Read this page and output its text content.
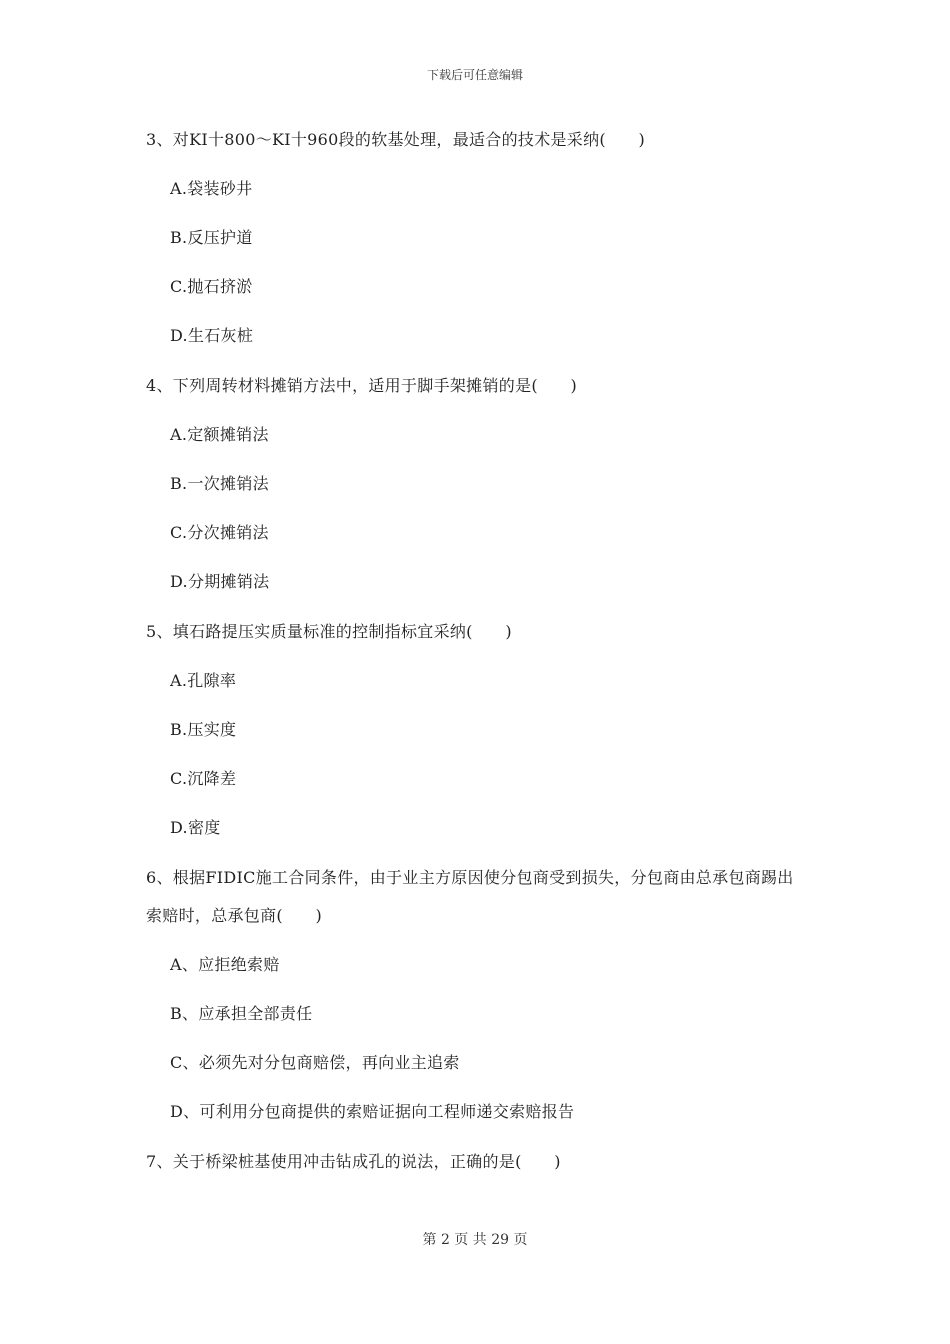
下载后可任意编辑
3、对KI十800～KI十960段的软基处理，最适合的技术是采纳(　　)
A.袋装砂井
B.反压护道
C.抛石挤淤
D.生石灰桩
4、下列周转材料摊销方法中，适用于脚手架摊销的是(　　)
A.定额摊销法
B.一次摊销法
C.分次摊销法
D.分期摊销法
5、填石路提压实质量标准的控制指标宜采纳(　　)
A.孔隙率
B.压实度
C.沉降差
D.密度
6、根据FIDIC施工合同条件，由于业主方原因使分包商受到损失，分包商由总承包商踢出
索赔时，总承包商(　　)
A、应拒绝索赔
B、应承担全部责任
C、必须先对分包商赔偿，再向业主追索
D、可利用分包商提供的索赔证据向工程师递交索赔报告
7、关于桥梁桩基使用冲击钻成孔的说法，正确的是(　　)
第 2 页 共 29 页
